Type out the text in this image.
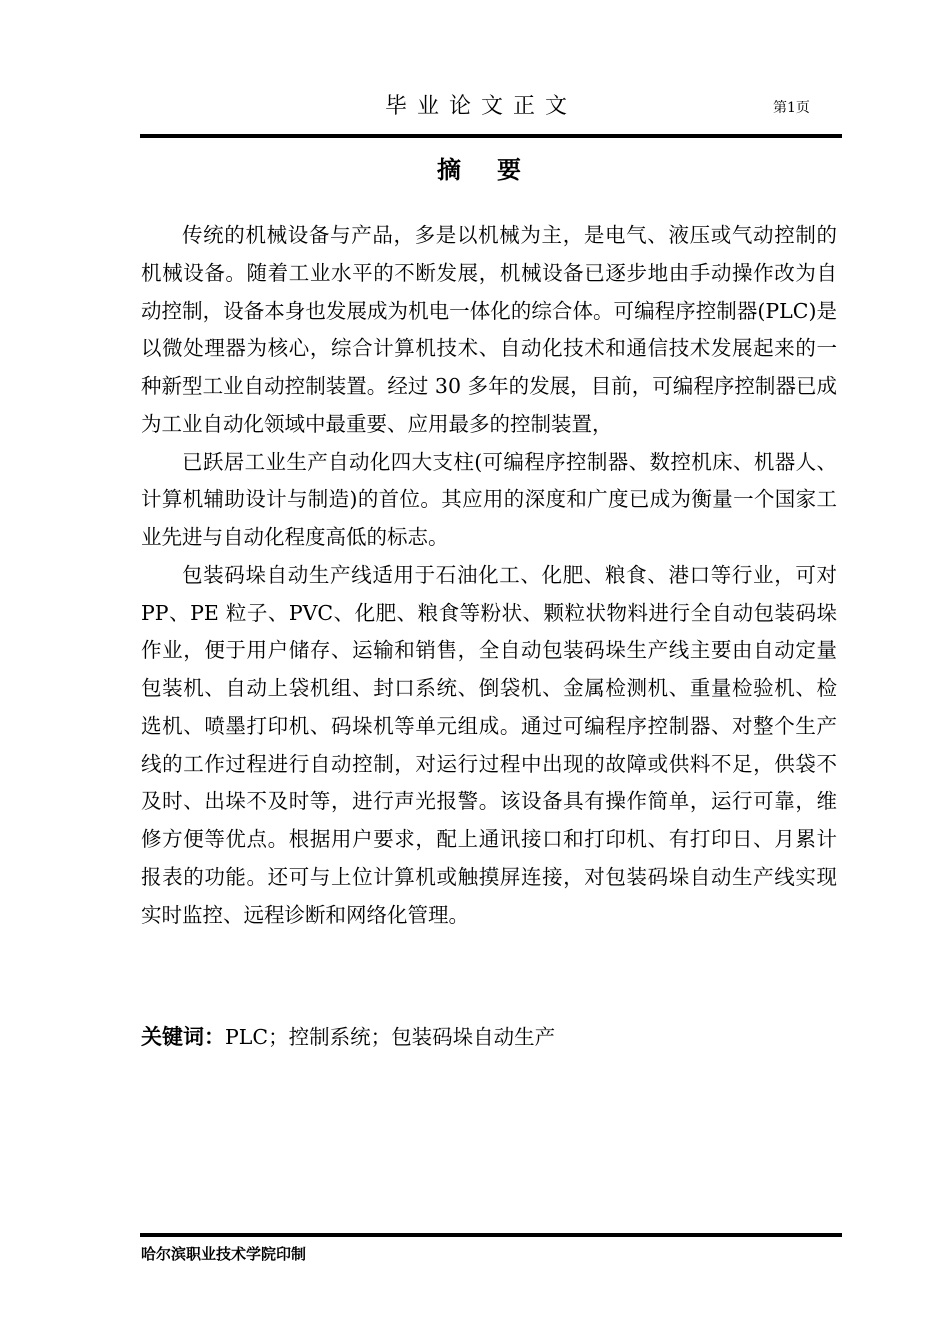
毕业论文正文	第1页
摘要

传统的机械设备与产品，多是以机械为主，是电气、液压或气动控制的机械设备。随着工业水平的不断发展，机械设备已逐步地由手动操作改为自动控制，设备本身也发展成为机电一体化的综合体。可编程序控制器(PLC)是以微处理器为核心，综合计算机技术、自动化技术和通信技术发展起来的一种新型工业自动控制装置。经过 30 多年的发展，目前，可编程序控制器已成为工业自动化领域中最重要、应用最多的控制装置，

已跃居工业生产自动化四大支柱(可编程序控制器、数控机床、机器人、计算机辅助设计与制造)的首位。其应用的深度和广度已成为衡量一个国家工业先进与自动化程度高低的标志。

包装码垛自动生产线适用于石油化工、化肥、粮食、港口等行业，可对 PP、PE 粒子、PVC、化肥、粮食等粉状、颗粒状物料进行全自动包装码垛作业，便于用户储存、运输和销售，全自动包装码垛生产线主要由自动定量包装机、自动上袋机组、封口系统、倒袋机、金属检测机、重量检验机、检选机、喷墨打印机、码垛机等单元组成。通过可编程序控制器、对整个生产线的工作过程进行自动控制，对运行过程中出现的故障或供料不足，供袋不及时、出垛不及时等，进行声光报警。该设备具有操作简单，运行可靠，维修方便等优点。根据用户要求，配上通讯接口和打印机、有打印日、月累计报表的功能。还可与上位计算机或触摸屏连接，对包装码垛自动生产线实现实时监控、远程诊断和网络化管理。

关键词：PLC；控制系统；包装码垛自动生产
哈尔滨职业技术学院印制
